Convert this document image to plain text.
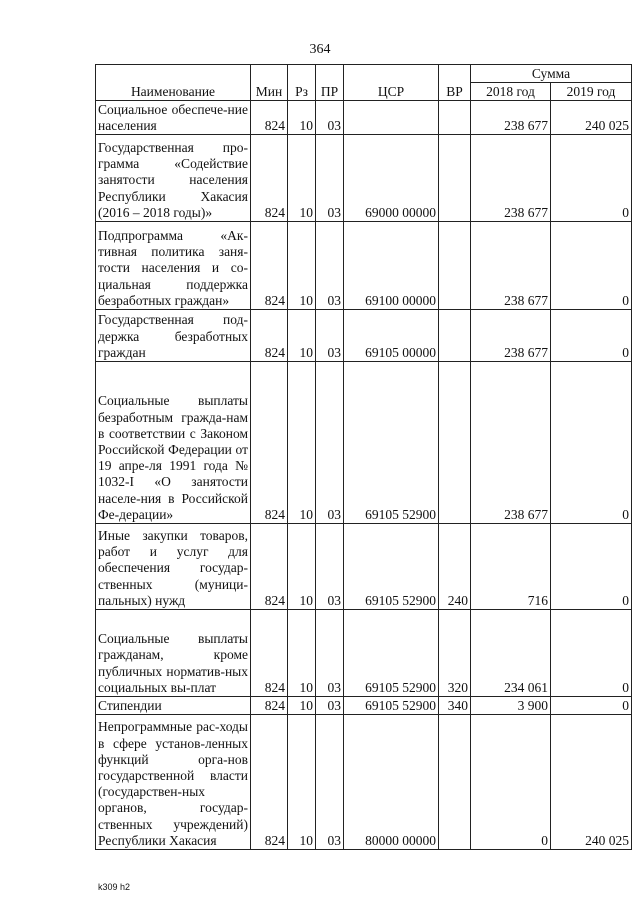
364
Наименование	Мин	Рз	ПР	ЦСР	ВР	Сумма	
						2018 год	2019 год
Социальное обеспече-ние населения	824	10	03			238 677	240 025
Государственная про-грамма «Содействие занятости населения Республики Хакасия (2016 – 2018 годы)»	824	10	03	69000 00000		238 677	0
Подпрограмма «Ак-тивная политика заня-тости населения и со-циальная поддержка безработных граждан»	824	10	03	69100 00000		238 677	0
Государственная под-держка безработных граждан	824	10	03	69105 00000		238 677	0
Социальные выплаты безработным гражда-нам в соответствии с Законом Российской Федерации от 19 апре-ля 1991 года № 1032-I «О занятости населе-ния в Российской Фе-дерации»	824	10	03	69105 52900		238 677	0
Иные закупки товаров, работ и услуг для обеспечения государ-ственных (муници-пальных) нужд	824	10	03	69105 52900	240	716	0
Социальные выплаты гражданам, кроме публичных норматив-ных социальных вы-плат	824	10	03	69105 52900	320	234 061	0
Стипендии	824	10	03	69105 52900	340	3 900	0
Непрограммные рас-ходы в сфере установ-ленных функций орга-нов государственной власти (государствен-ных органов, государ-ственных учреждений) Республики Хакасия	824	10	03	80000 00000		0	240 025
k309 h2
